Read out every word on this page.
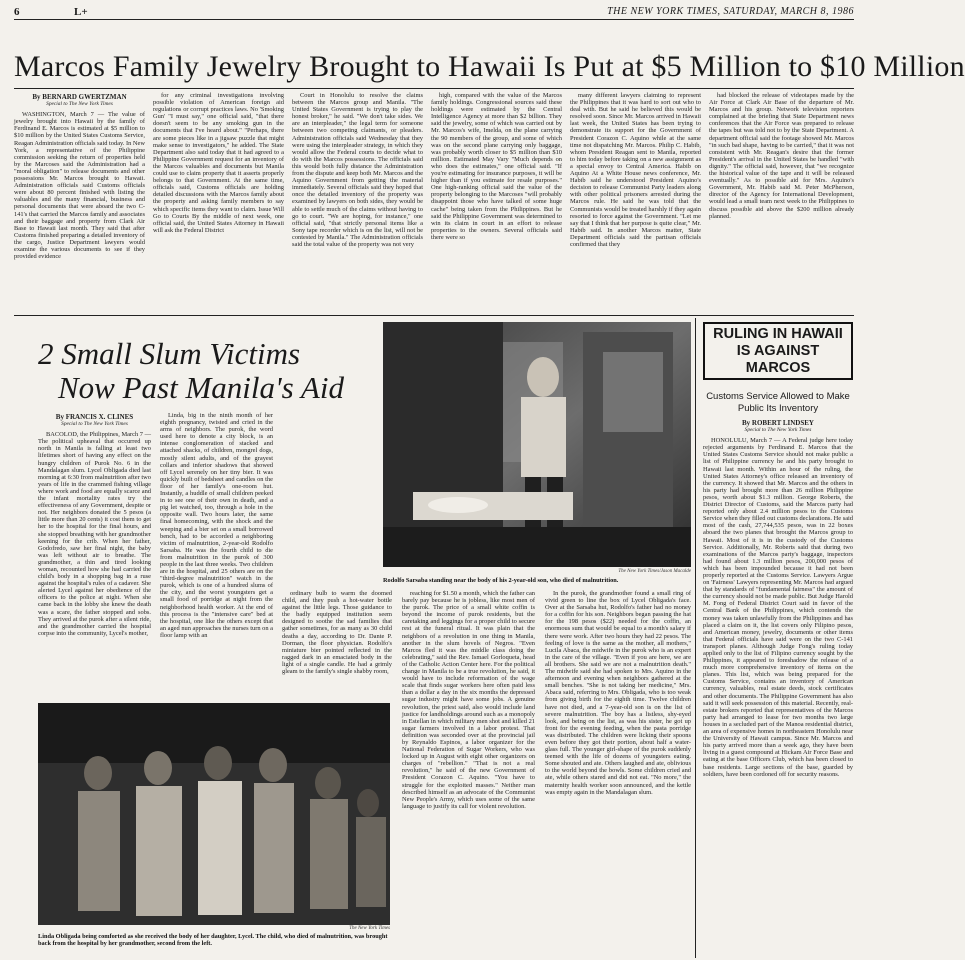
6	L+	THE NEW YORK TIMES, SATURDAY, MARCH 8, 1986
Marcos Family Jewelry Brought to Hawaii Is Put at $5 Million to $10 Million
By BERNARD GWERTZMAN
Special to The New York Times

WASHINGTON, March 7 — The value of jewelry brought into Hawaii by the family of Ferdinand E. Marcos is estimated at $5 million to $10 million by the United States Customs Service, Reagan Administration officials said today. In New York, a representative of the Philippine commission seeking the return of properties held by the Marcoses said the Administration had a "moral obligation" to release documents and other possessions Mr. Marcos brought to Hawaii. Administration officials said Customs officials were about 80 percent finished with listing the valuables and the many financial, business and personal documents that were aboard the two C-141's that carried the Marcos family and associates and their baggage and property from Clark Air Base to Hawaii last month. They said that after Customs finished preparing a detailed inventory of the cargo, Justice Department lawyers would examine the various documents to see if they provided evidence

for any criminal investigations involving possible violation of American foreign aid regulations or corrupt practices laws. No 'Smoking Gun' "I must say," one official said, "that there doesn't seem to be any smoking gun in the documents that I've heard about." "Perhaps, there are some pieces like in a jigsaw puzzle that might make sense to investigators," he added. The State Department also said today that it had agreed to a Philippine Government request for an inventory of the Marcos valuables and documents but Manila could use to claim property that it asserts properly belongs to that Government. At the same time, officials said, Customs officials are holding detailed discussions with the Marcos family about the property and asking family members to say which specific items they want to claim. Issue Will Go to Courts By the middle of next week, one official said, the United States Attorney in Hawaii will ask the Federal District

Court in Honolulu to resolve the claims between the Marcos group and Manila. "The United States Government is trying to play the honest broker," he said. "We don't take sides. We are an interpleader," the legal term for someone between two competing claimants, or pleaders. Administration officials said Wednesday that they were using the interpleader strategy, in which they would allow the Federal courts to decide what to do with the Marcos possessions. The officials said this would both fully distance the Administration from the dispute and keep both Mr. Marcos and the Aquino Government from getting the material immediately. Several officials said they hoped that once the detailed inventory of the property was examined by lawyers on both sides, they would be able to settle much of the claims without having to go to court. "We are hoping, for instance," one official said, "that strictly personal items like a Sony tape recorder which is on the list, will not be contested by Manila." The Administration officials said the total value of the property was not very

high, compared with the value of the Marcos family holdings. Congressional sources said these holdings were estimated by the Central Intelligence Agency at more than $2 billion. They said the jewelry, some of which was carried out by Mr. Marcos's wife, Imelda, on the plane carrying the 90 members of the group, and some of which was on the second plane carrying only baggage, was probably worth closer to $5 million than $10 million. Estimated May Vary "Much depends on who does the estimates," one official said. "If you're estimating for insurance purposes, it will be higher than if you estimate for resale purposes." One high-ranking official said the value of the property belonging to the Marcoses "will probably disappoint those who have talked of some huge cache" being taken from the Philippines. But he said the Philippine Government was determined to win its claim in court in an effort to release properties to the owners. Several officials said there were so

many different lawyers claiming to represent the Philippines that it was hard to sort out who to deal with. But he said he believed this would be resolved soon. Since Mr. Marcos arrived in Hawaii last week, the United States has been trying to demonstrate its support for the Government of President Corazon C. Aquino while at the same time not dispatching Mr. Marcos. Philip C. Habib, whom President Reagan sent to Manila, reported to him today before taking on a new assignment as a special envoy to Central America. Habib on Aquino At a White House news conference, Mr. Habib said he understood President Aquino's decision to release Communist Party leaders along with other political prisoners arrested during the Marcos rule. He said he was told that the Communists would be treated harshly if they again resorted to force against the Government. "Let me say that I think that her purpose is quite clear," Mr. Habib said. In another Marcos matter, State Department officials said the partisan officials confirmed that they

had blocked the release of videotapes made by the Air Force at Clark Air Base of the departure of Mr. Marcos and his group. Network television reporters complained at the briefing that State Department news conferences that the Air Force was prepared to release the tapes but was told not to by the State Department. A department official said the footage showed Mr. Marcos "in such bad shape, having to be carried," that it was not consistent with Mr. Reagan's desire that the former President's arrival in the United States be handled "with dignity." The official said, however, that "we recognize the historical value of the tape and it will be released eventually." As to possible aid for Mrs. Aquino's Government, Mr. Habib said M. Peter McPherson, director of the Agency for International Development, would lead a small team next week to the Philippines to discuss possible aid above the $200 million already planned.

2 Small Slum Victims
Now Past Manila's Aid
The New York Times/Jason Macalde
Rodolfo Sarsaba standing near the body of his 2-year-old son, who died of malnutrition.
By FRANCIS X. CLINES
Special to The New York Times

BACOLOD, the Philippines, March 7 — The political upheaval that occurred up north in Manila is falling at least two lifetimes short of having any effect on the hungry children of Purok No. 6 in the Mandalagan slum. Lycel Obligada died last morning at 6:30 from malnutrition after two years of life in the crammed fishing village where work and food are equally scarce and the infant mortality rates try the effectiveness of any Government, despite or not. Her neighbors donated the 5 pesos (a little more than 20 cents) it cost them to get her to the hospital for the final hours, and she stopped breathing with her grandmother keening for the crib. When her father, Godofredo, saw her final night, the baby was left without air to breathe. The grandmother, a thin and tired looking woman, recounted how she had carried the child's body in a shopping bag in a ruse against the hospital's rules of a cadaver. She alerted Lycel against her obedience of the officers to the police at night. When she came back in the lobby she knew the death was a scare, the father stopped and sobs. They arrived at the purok after a silent ride, and the grandmother carried the hospital corpse into the community, Lycel's mother,

Linda, big in the ninth month of her eighth pregnancy, twisted and cried in the arms of neighbors. The purok, the word used here to denote a city block, is an intense conglomeration of stacked and attached shacks, of children, mongrel dogs, mostly silent adults, and of the grayest collars and inferior shadows that showed off Lycel serenely on her tiny bier. It was quickly built of bedsheet and candles on the floor of her family's one-room hut. Instantly, a huddle of small children peeked in to see one of their own in death, and a pig let watched, too, through a hole in the opposite wall. Two hours later, the same final homecoming, with the shock and the weeping and a bier set on a small borrowed bench, had to be accorded a neighboring victim of malnutrition, 2-year-old Rodolfo Sarsaba. He was the fourth child to die from malnutrition in the purok of 300 people in the last three weeks. Two children are in the hospital, and 25 others are on the "third-degree malnutrition" watch in the purok, which is one of a hundred slums of the city, and the worst youngsters get a small food of porridge at night from the neighborhood health worker. At the end of this process is the "intensive care" bed at the hospital, one like the others except that an aged nun approaches the nurses turn on a floor lamp with an

ordinary bulb to warm the doomed child, and they push a hot-water bottle against the little legs. Those guidance to the badly equipped institution seem designed to soothe the sad families that gather sometimes, for as many as 30 child deaths a day, according to Dr. Dante P. Dorman, the floor physician. Rodolfo's miniature bier pointed reflected in the ragged dark in an emaciated body in the light of a single candle. He had a grimly gleam to the family's single shabby room,

reaching for $1.50 a month, which the father can barely pay because he is jobless, like most men of the purok. The price of a small white coffin is beyond the income of purok residents, but the caretaking and leggings for a proper child to secure rest at the funeral ritual. It was plain that the neighbors of a revolution in one thing in Manila, another in the slum hovels of Negros. "Even Marcos fled it was the middle class doing the celebrating," said the Rev. Ismael Gorloqueta, head of the Catholic Action Center here. For the political change in Manila to be a true revolution, he said, it would have to include reformation of the wage scale that finds sugar workers here often paid less than a dollar a day in the six months the depressed sugar industry might have some jobs. A genuine revolution, the priest said, also would include land justice for landholdings around such as a monopoly in Estellan in which military men shot and killed 21 sugar farmers involved in a labor protest. That definition was seconded over at the provincial jail by Reynaldo Espinos, a labor organizer for the National Federation of Sugar Workers, who was locked up in August with eight other organizers on charges of "rebellion." "That is not a real revolution," he said of the new Government of President Corazon C. Aquino. "You have to struggle for the exploited masses." Neither man described himself as an advocate of the Communist New People's Army, which uses some of the same language to justify its call for violent revolution.

In the purok, the grandmother found a small ring of vivid green to line the box of Lycel Obligada's face. Over at the Sarsaba hut, Rodolfo's father had no money for a coffin for his son. Neighbors began passing the hat for the 198 pesos ($22) needed for the coffin, an enormous sum that would be equal to a month's salary if there were work. After two hours they had 22 pesos. The feeling of love is the same as the mother, all mothers," Lucila Abaca, the midwife in the purok who is an expert in the care of the village. "Even if you are here, we are all brothers. She said we are not a malnutrition death." The midwife said she had spoken to Mrs. Aquino in the afternoon and evening when neighbors gathered at the small benches. "She is not taking her medicine," Mrs. Abaca said, referring to Mrs. Obligada, who is too weak from giving birth for the eighth time. Twelve children have not died, and a 7-year-old son is on the list of severe malnutrition. The boy has a listless, shy-eyed look, and being on the list, as was his sister, he got up front for the evening feeding, when the pasta porridge was distributed. The children were licking their spoons even before they got their portion, about half a water-glass full. The younger girl-shape of the purok suddenly teemed with the life of dozens of youngsters eating. Some shouted and ate. Others laughed and ate, oblivious to the world beyond the bowls. Some children cried and ate, while others stared and did not eat. "No more," the maternity health worker soon announced, and the kettle was empty again in the Mandalagan slum.

The New York Times
Linda Obligada being comforted as she received the body of her daughter, Lycel. The child, who died of malnutrition, was brought back from the hospital by her grandmother, second from the left.
RULING IN HAWAII
IS AGAINST MARCOS
Customs Service Allowed to Make Public Its Inventory
By ROBERT LINDSEY
Special to The New York Times

HONOLULU, March 7 — A Federal judge here today rejected arguments by Ferdinand E. Marcos that the United States Customs Service should not make public a list of Philippine currency he and his party brought to Hawaii last month. Within an hour of the ruling, the United States Attorney's office released an inventory of the currency. It showed that Mr. Marcos and the others in his party had brought more than 26 million Philippine pesos, worth about $1.3 million. George Roberts, the District Director of Customs, said the Marcos party had reported only about 2.4 million pesos to the Customs Service when they filled out customs declarations. He said most of the cash, 27,744,535 pesos, was in 22 boxes aboard the two planes that brought the Marcos group to Hawaii. Most of it is in the custody of the Customs Service. Additionally, Mr. Roberts said that during two examinations of the Marcos party's baggage, inspectors had found about 1.3 million pesos, 200,000 pesos of which has been impounded because it had not been properly reported at the Customs Service. Lawyers Argue on 'Fairness' Lawyers representing Mr. Marcos had argued that by standards of "fundamental fairness" the amount of the currency should not be made public. But Judge Harold M. Fong of Federal District Court said in favor of the Central Bank of the Philippines, which contends the money was taken unlawfully from the Philippines and has placed a claim on it, the list covers only Filipino pesos, and American money, jewelry, documents or other items that Federal officials have said were on the two C-141 transport planes. Although Judge Fong's ruling today applied only to the list of Filipino currency sought by the Philippines, it appeared to foreshadow the release of a much more comprehensive inventory of items on the planes. This list, which was being prepared for the Customs Service, contains an inventory of American currency, valuables, real estate deeds, stock certificates and other documents. The Philippine Government has also said it will seek possession of this material. Recently, real-estate brokers reported that representatives of the Marcos party had arranged to lease for two months two large houses in a secluded part of the Manoa residential district, an area of expensive homes in northeastern Honolulu near the University of Hawaii campus. Since Mr. Marcos and his party arrived more than a week ago, they have been living in a guest compound at Hickam Air Force Base and eating at the base Officers Club, which has been closed to base residents. Large sections of the base, guarded by soldiers, have been cordoned off for security reasons.
